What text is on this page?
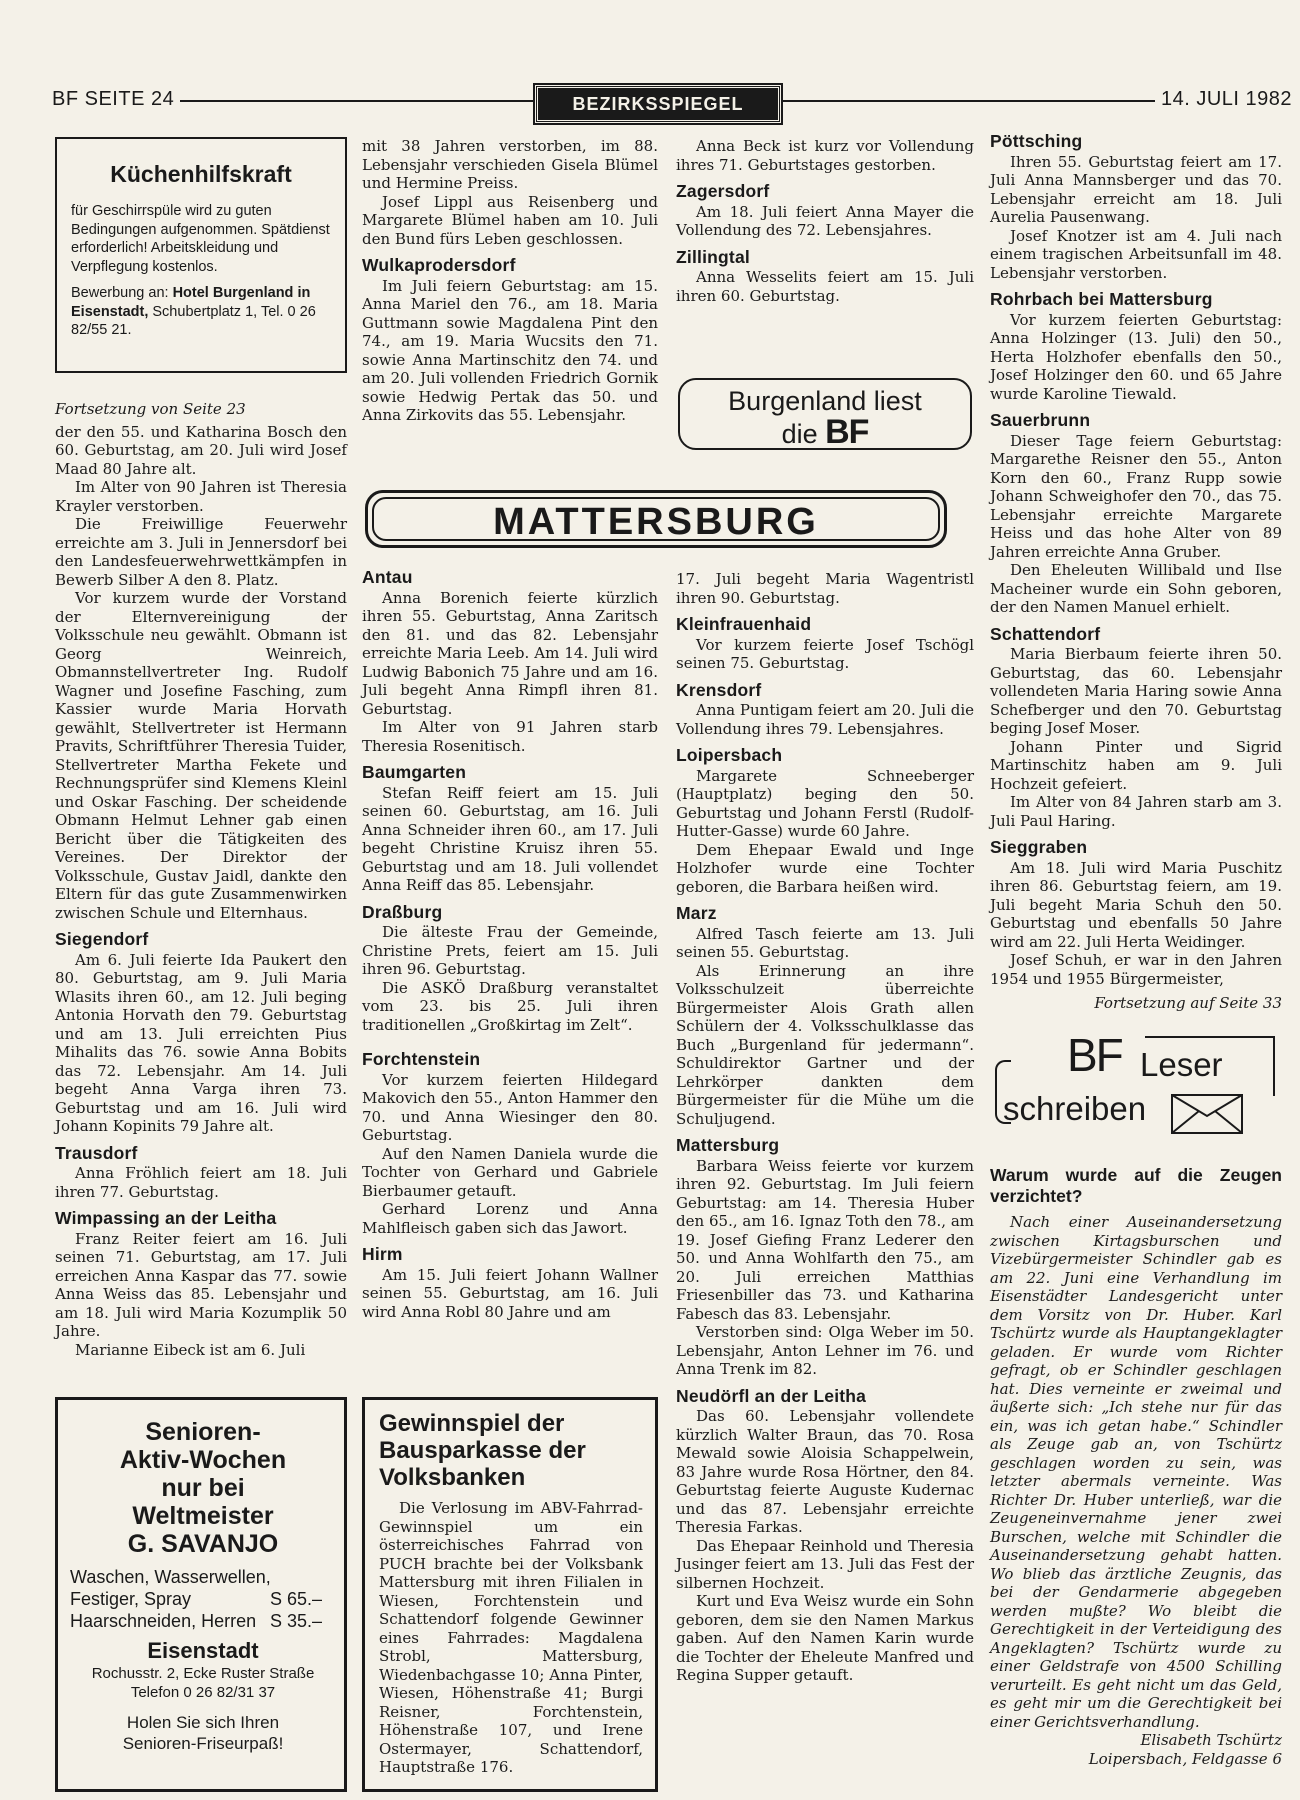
BF SEITE 24	BEZIRKSSPIEGEL	14. JULI 1982
Küchenhilfskraft

für Geschirrspüle wird zu guten Bedingungen aufgenommen. Spätdienst erforderlich! Arbeitskleidung und Verpflegung kostenlos.

Bewerbung an: Hotel Burgenland in Eisenstadt, Schubertplatz 1, Tel. 0 26 82/55 21.

Fortsetzung von Seite 23

der den 55. und Katharina Bosch den 60. Geburtstag, am 20. Juli wird Josef Maad 80 Jahre alt.

Im Alter von 90 Jahren ist Theresia Krayler verstorben.

Die Freiwillige Feuerwehr erreichte am 3. Juli in Jennersdorf bei den Landesfeuerwehrwettkämpfen in Bewerb Silber A den 8. Platz.

Vor kurzem wurde der Vorstand der Elternvereinigung der Volksschule neu gewählt. Obmann ist Georg Weinreich, Obmannstellvertreter Ing. Rudolf Wagner und Josefine Fasching, zum Kassier wurde Maria Horvath gewählt, Stellvertreter ist Hermann Pravits, Schriftführer Theresia Tuider, Stellvertreter Martha Fekete und Rechnungsprüfer sind Klemens Kleinl und Oskar Fasching. Der scheidende Obmann Helmut Lehner gab einen Bericht über die Tätigkeiten des Vereines. Der Direktor der Volksschule, Gustav Jaidl, dankte den Eltern für das gute Zusammenwirken zwischen Schule und Elternhaus.

Siegendorf

Am 6. Juli feierte Ida Paukert den 80. Geburtstag, am 9. Juli Maria Wlasits ihren 60., am 12. Juli beging Antonia Horvath den 79. Geburtstag und am 13. Juli erreichten Pius Mihalits das 76. sowie Anna Bobits das 72. Lebensjahr. Am 14. Juli begeht Anna Varga ihren 73. Geburtstag und am 16. Juli wird Johann Kopinits 79 Jahre alt.

Trausdorf

Anna Fröhlich feiert am 18. Juli ihren 77. Geburtstag.

Wimpassing an der Leitha

Franz Reiter feiert am 16. Juli seinen 71. Geburtstag, am 17. Juli erreichen Anna Kaspar das 77. sowie Anna Weiss das 85. Lebensjahr und am 18. Juli wird Maria Kozumplik 50 Jahre.

Marianne Eibeck ist am 6. Juli

mit 38 Jahren verstorben, im 88. Lebensjahr verschieden Gisela Blümel und Hermine Preiss.

Josef Lippl aus Reisenberg und Margarete Blümel haben am 10. Juli den Bund fürs Leben geschlossen.

Wulkaprodersdorf

Im Juli feiern Geburtstag: am 15. Anna Mariel den 76., am 18. Maria Guttmann sowie Magdalena Pint den 74., am 19. Maria Wucsits den 71. sowie Anna Martinschitz den 74. und am 20. Juli vollenden Friedrich Gornik sowie Hedwig Pertak das 50. und Anna Zirkovits das 55. Lebensjahr.

Anna Beck ist kurz vor Vollendung ihres 71. Geburtstages gestorben.

Zagersdorf

Am 18. Juli feiert Anna Mayer die Vollendung des 72. Lebensjahres.

Zillingtal

Anna Wesselits feiert am 15. Juli ihren 60. Geburtstag.

Burgenland liest
die BF
MATTERSBURG
Antau

Anna Borenich feierte kürzlich ihren 55. Geburtstag, Anna Zaritsch den 81. und das 82. Lebensjahr erreichte Maria Leeb. Am 14. Juli wird Ludwig Babonich 75 Jahre und am 16. Juli begeht Anna Rimpfl ihren 81. Geburtstag.

Im Alter von 91 Jahren starb Theresia Rosenitisch.

Baumgarten

Stefan Reiff feiert am 15. Juli seinen 60. Geburtstag, am 16. Juli Anna Schneider ihren 60., am 17. Juli begeht Christine Kruisz ihren 55. Geburtstag und am 18. Juli vollendet Anna Reiff das 85. Lebensjahr.

Draßburg

Die älteste Frau der Gemeinde, Christine Prets, feiert am 15. Juli ihren 96. Geburtstag.

Die ASKÖ Draßburg veranstaltet vom 23. bis 25. Juli ihren traditionellen „Großkirtag im Zelt“.

Forchtenstein

Vor kurzem feierten Hildegard Makovich den 55., Anton Hammer den 70. und Anna Wiesinger den 80. Geburtstag.

Auf den Namen Daniela wurde die Tochter von Gerhard und Gabriele Bierbaumer getauft.

Gerhard Lorenz und Anna Mahlfleisch gaben sich das Jawort.

Hirm

Am 15. Juli feiert Johann Wallner seinen 55. Geburtstag, am 16. Juli wird Anna Robl 80 Jahre und am

17. Juli begeht Maria Wagentristl ihren 90. Geburtstag.

Kleinfrauenhaid

Vor kurzem feierte Josef Tschögl seinen 75. Geburtstag.

Krensdorf

Anna Puntigam feiert am 20. Juli die Vollendung ihres 79. Lebensjahres.

Loipersbach

Margarete Schneeberger (Hauptplatz) beging den 50. Geburtstag und Johann Ferstl (Rudolf-Hutter-Gasse) wurde 60 Jahre.

Dem Ehepaar Ewald und Inge Holzhofer wurde eine Tochter geboren, die Barbara heißen wird.

Marz

Alfred Tasch feierte am 13. Juli seinen 55. Geburtstag.

Als Erinnerung an ihre Volksschulzeit überreichte Bürgermeister Alois Grath allen Schülern der 4. Volksschulklasse das Buch „Burgenland für jedermann“. Schuldirektor Gartner und der Lehrkörper dankten dem Bürgermeister für die Mühe um die Schuljugend.

Mattersburg

Barbara Weiss feierte vor kurzem ihren 92. Geburtstag. Im Juli feiern Geburtstag: am 14. Theresia Huber den 65., am 16. Ignaz Toth den 78., am 19. Josef Giefing Franz Lederer den 50. und Anna Wohlfarth den 75., am 20. Juli erreichen Matthias Friesenbiller das 73. und Katharina Fabesch das 83. Lebensjahr.

Verstorben sind: Olga Weber im 50. Lebensjahr, Anton Lehner im 76. und Anna Trenk im 82.

Neudörfl an der Leitha

Das 60. Lebensjahr vollendete kürzlich Walter Braun, das 70. Rosa Mewald sowie Aloisia Schappelwein, 83 Jahre wurde Rosa Hörtner, den 84. Geburtstag feierte Auguste Kudernac und das 87. Lebensjahr erreichte Theresia Farkas.

Das Ehepaar Reinhold und Theresia Jusinger feiert am 13. Juli das Fest der silbernen Hochzeit.

Kurt und Eva Weisz wurde ein Sohn geboren, dem sie den Namen Markus gaben. Auf den Namen Karin wurde die Tochter der Eheleute Manfred und Regina Supper getauft.

Pöttsching

Ihren 55. Geburtstag feiert am 17. Juli Anna Mannsberger und das 70. Lebensjahr erreicht am 18. Juli Aurelia Pausenwang.

Josef Knotzer ist am 4. Juli nach einem tragischen Arbeitsunfall im 48. Lebensjahr verstorben.

Rohrbach bei Mattersburg

Vor kurzem feierten Geburtstag: Anna Holzinger (13. Juli) den 50., Herta Holzhofer ebenfalls den 50., Josef Holzinger den 60. und 65 Jahre wurde Karoline Tiewald.

Sauerbrunn

Dieser Tage feiern Geburtstag: Margarethe Reisner den 55., Anton Korn den 60., Franz Rupp sowie Johann Schweighofer den 70., das 75. Lebensjahr erreichte Margarete Heiss und das hohe Alter von 89 Jahren erreichte Anna Gruber.

Den Eheleuten Willibald und Ilse Macheiner wurde ein Sohn geboren, der den Namen Manuel erhielt.

Schattendorf

Maria Bierbaum feierte ihren 50. Geburtstag, das 60. Lebensjahr vollendeten Maria Haring sowie Anna Schefberger und den 70. Geburtstag beging Josef Moser.

Johann Pinter und Sigrid Martinschitz haben am 9. Juli Hochzeit gefeiert.

Im Alter von 84 Jahren starb am 3. Juli Paul Haring.

Sieggraben

Am 18. Juli wird Maria Puschitz ihren 86. Geburtstag feiern, am 19. Juli begeht Maria Schuh den 50. Geburtstag und ebenfalls 50 Jahre wird am 22. Juli Herta Weidinger.

Josef Schuh, er war in den Jahren 1954 und 1955 Bürgermeister,

Fortsetzung auf Seite 33

BF Leser
schreiben
Warum wurde auf die Zeugen verzichtet?

Nach einer Auseinandersetzung zwischen Kirtagsburschen und Vizebürgermeister Schindler gab es am 22. Juni eine Verhandlung im Eisenstädter Landesgericht unter dem Vorsitz von Dr. Huber. Karl Tschürtz wurde als Hauptangeklagter geladen. Er wurde vom Richter gefragt, ob er Schindler geschlagen hat. Dies verneinte er zweimal und äußerte sich: „Ich stehe nur für das ein, was ich getan habe.“ Schindler als Zeuge gab an, von Tschürtz geschlagen worden zu sein, was letzter abermals verneinte. Was Richter Dr. Huber unterließ, war die Zeugeneinvernahme jener zwei Burschen, welche mit Schindler die Auseinandersetzung gehabt hatten. Wo blieb das ärztliche Zeugnis, das bei der Gendarmerie abgegeben werden mußte? Wo bleibt die Gerechtigkeit in der Verteidigung des Angeklagten? Tschürtz wurde zu einer Geldstrafe von 4500 Schilling verurteilt. Es geht nicht um das Geld, es geht mir um die Gerechtigkeit bei einer Gerichtsverhandlung.

Elisabeth Tschürtz

Loipersbach, Feldgasse 6

Senioren-
Aktiv-Wochen
nur bei
Weltmeister
G. SAVANJO
Waschen, Wasserwellen,
Festiger, Spray	S 65.–
Haarschneiden, Herren S 35.–
Eisenstadt
Rochusstr. 2, Ecke Ruster Straße
Telefon 0 26 82/31 37
Holen Sie sich Ihren
Senioren-Friseurpaß!
Gewinnspiel der Bausparkasse der Volksbanken

Die Verlosung im ABV-Fahrrad-Gewinnspiel um ein österreichisches Fahrrad von PUCH brachte bei der Volksbank Mattersburg mit ihren Filialen in Wiesen, Forchtenstein und Schattendorf folgende Gewinner eines Fahrrades: Magdalena Strobl, Mattersburg, Wiedenbachgasse 10; Anna Pinter, Wiesen, Höhenstraße 41; Burgi Reisner, Forchtenstein, Höhenstraße 107, und Irene Ostermayer, Schattendorf, Hauptstraße 176.
